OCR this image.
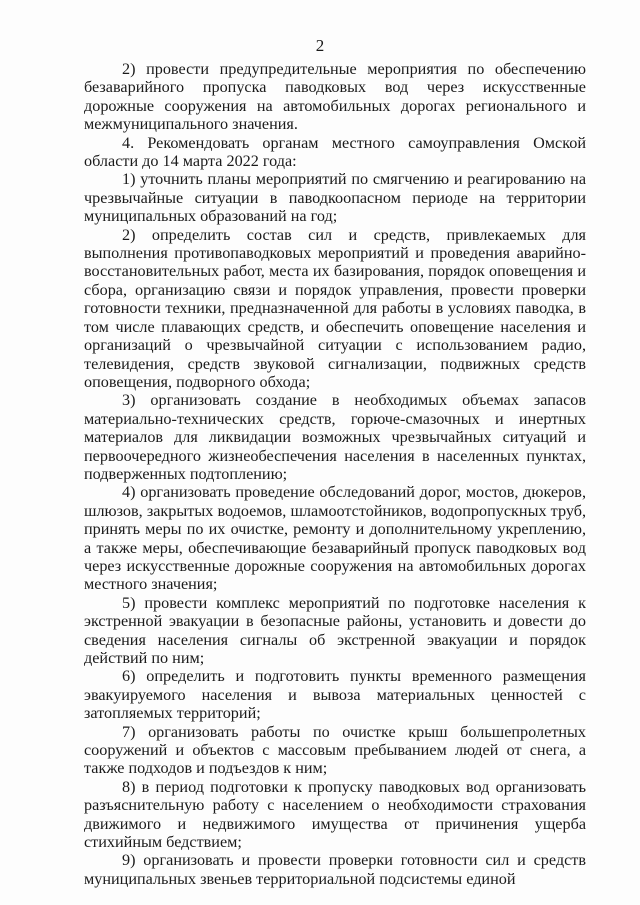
2

2) провести предупредительные мероприятия по обеспечению безаварийного пропуска паводковых вод через искусственные дорожные сооружения на автомобильных дорогах регионального и межмуниципального значения.

4. Рекомендовать органам местного самоуправления Омской области до 14 марта 2022 года:

1) уточнить планы мероприятий по смягчению и реагированию на чрезвычайные ситуации в паводкоопасном периоде на территории муниципальных образований на год;

2) определить состав сил и средств, привлекаемых для выполнения противопаводковых мероприятий и проведения аварийно-восстановительных работ, места их базирования, порядок оповещения и сбора, организацию связи и порядок управления, провести проверки готовности техники, предназначенной для работы в условиях паводка, в том числе плавающих средств, и обеспечить оповещение населения и организаций о чрезвычайной ситуации с использованием радио, телевидения, средств звуковой сигнализации, подвижных средств оповещения, подворного обхода;

3) организовать создание в необходимых объемах запасов материально-технических средств, горюче-смазочных и инертных материалов для ликвидации возможных чрезвычайных ситуаций и первоочередного жизнеобеспечения населения в населенных пунктах, подверженных подтоплению;

4) организовать проведение обследований дорог, мостов, дюкеров, шлюзов, закрытых водоемов, шламоотстойников, водопропускных труб, принять меры по их очистке, ремонту и дополнительному укреплению, а также меры, обеспечивающие безаварийный пропуск паводковых вод через искусственные дорожные сооружения на автомобильных дорогах местного значения;

5) провести комплекс мероприятий по подготовке населения к экстренной эвакуации в безопасные районы, установить и довести до сведения населения сигналы об экстренной эвакуации и порядок действий по ним;

6) определить и подготовить пункты временного размещения эвакуируемого населения и вывоза материальных ценностей с затопляемых территорий;

7) организовать работы по очистке крыш большепролетных сооружений и объектов с массовым пребыванием людей от снега, а также подходов и подъездов к ним;

8) в период подготовки к пропуску паводковых вод организовать разъяснительную работу с населением о необходимости страхования движимого и недвижимого имущества от причинения ущерба стихийным бедствием;

9) организовать и провести проверки готовности сил и средств муниципальных звеньев территориальной подсистемы единой
